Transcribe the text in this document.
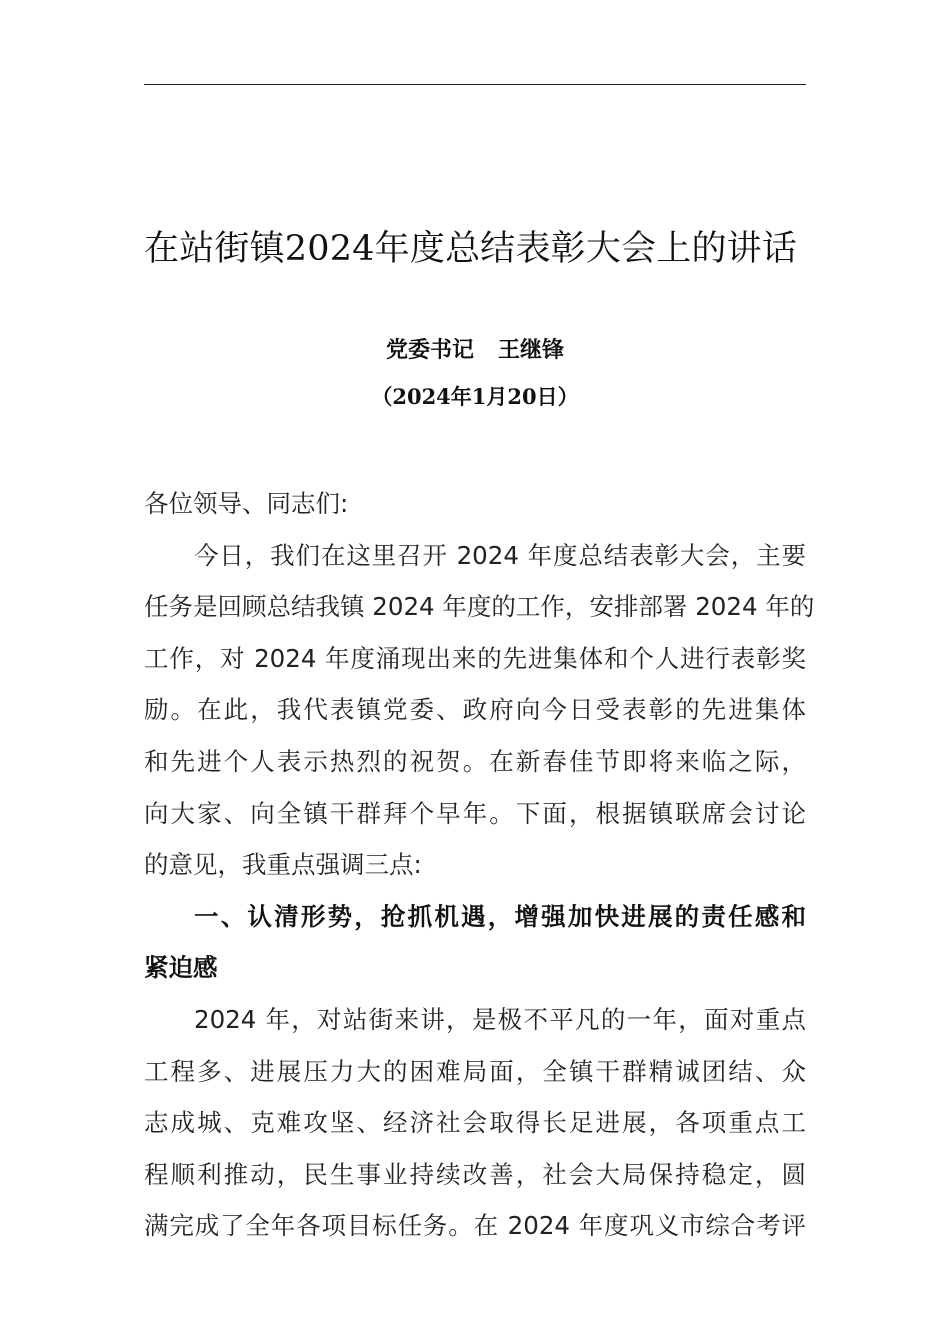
在站街镇2024年度总结表彰大会上的讲话
党委书记 王继锋
（2024年1月20日）
各位领导、同志们:
今日，我们在这里召开 2024 年度总结表彰大会，主要
任务是回顾总结我镇 2024 年度的工作，安排部署 2024 年的
工作，对 2024 年度涌现出来的先进集体和个人进行表彰奖
励。在此，我代表镇党委、政府向今日受表彰的先进集体
和先进个人表示热烈的祝贺。在新春佳节即将来临之际，
向大家、向全镇干群拜个早年。下面，根据镇联席会讨论
的意见，我重点强调三点:
一、认清形势，抢抓机遇，增强加快进展的责任感和
紧迫感
2024 年，对站街来讲，是极不平凡的一年，面对重点
工程多、进展压力大的困难局面，全镇干群精诚团结、众
志成城、克难攻坚、经济社会取得长足进展，各项重点工
程顺利推动，民生事业持续改善，社会大局保持稳定，圆
满完成了全年各项目标任务。在 2024 年度巩义市综合考评
